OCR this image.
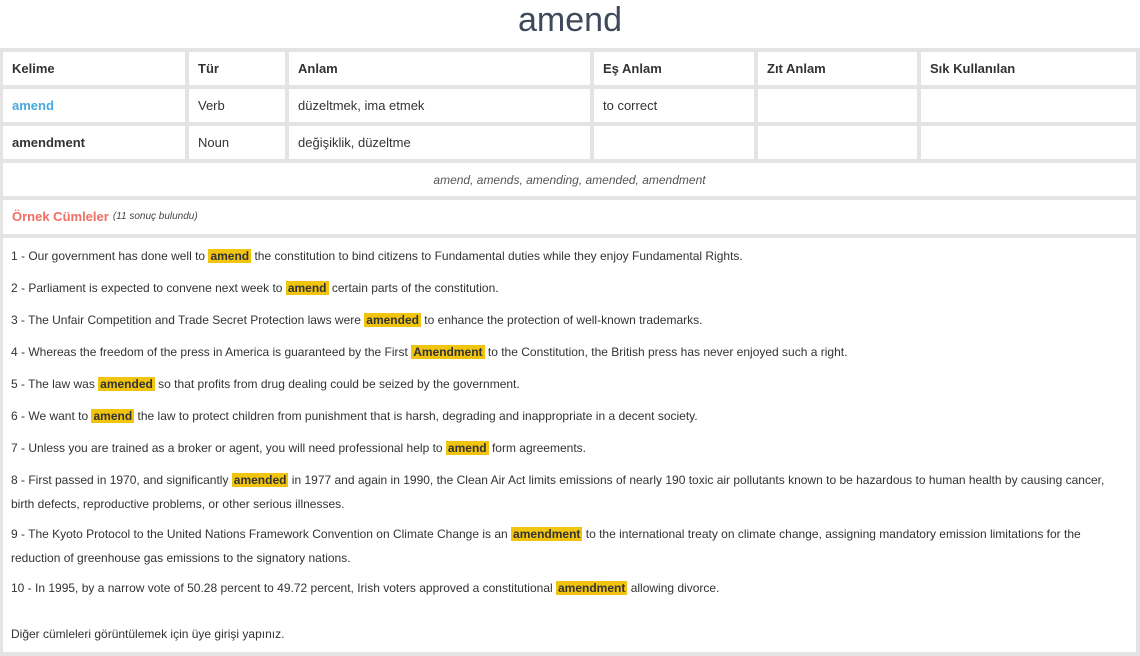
amend
Kelime	Tür	Anlam	Eş Anlam	Zıt Anlam	Sık Kullanılan
amend	Verb	düzeltmek, ima etmek	to correct
amendment	Noun	değişiklik, düzeltme
amend, amends, amending, amended, amendment
Örnek Cümleler (11 sonuç bulundu)
1 - Our government has done well to amend the constitution to bind citizens to Fundamental duties while they enjoy Fundamental Rights.
2 - Parliament is expected to convene next week to amend certain parts of the constitution.
3 - The Unfair Competition and Trade Secret Protection laws were amended to enhance the protection of well-known trademarks.
4 - Whereas the freedom of the press in America is guaranteed by the First Amendment to the Constitution, the British press has never enjoyed such a right.
5 - The law was amended so that profits from drug dealing could be seized by the government.
6 - We want to amend the law to protect children from punishment that is harsh, degrading and inappropriate in a decent society.
7 - Unless you are trained as a broker or agent, you will need professional help to amend form agreements.
8 - First passed in 1970, and significantly amended in 1977 and again in 1990, the Clean Air Act limits emissions of nearly 190 toxic air pollutants known to be hazardous to human health by causing cancer, birth defects, reproductive problems, or other serious illnesses.
9 - The Kyoto Protocol to the United Nations Framework Convention on Climate Change is an amendment to the international treaty on climate change, assigning mandatory emission limitations for the reduction of greenhouse gas emissions to the signatory nations.
10 - In 1995, by a narrow vote of 50.28 percent to 49.72 percent, Irish voters approved a constitutional amendment allowing divorce.
Diğer cümleleri görüntülemek için üye girişi yapınız.
